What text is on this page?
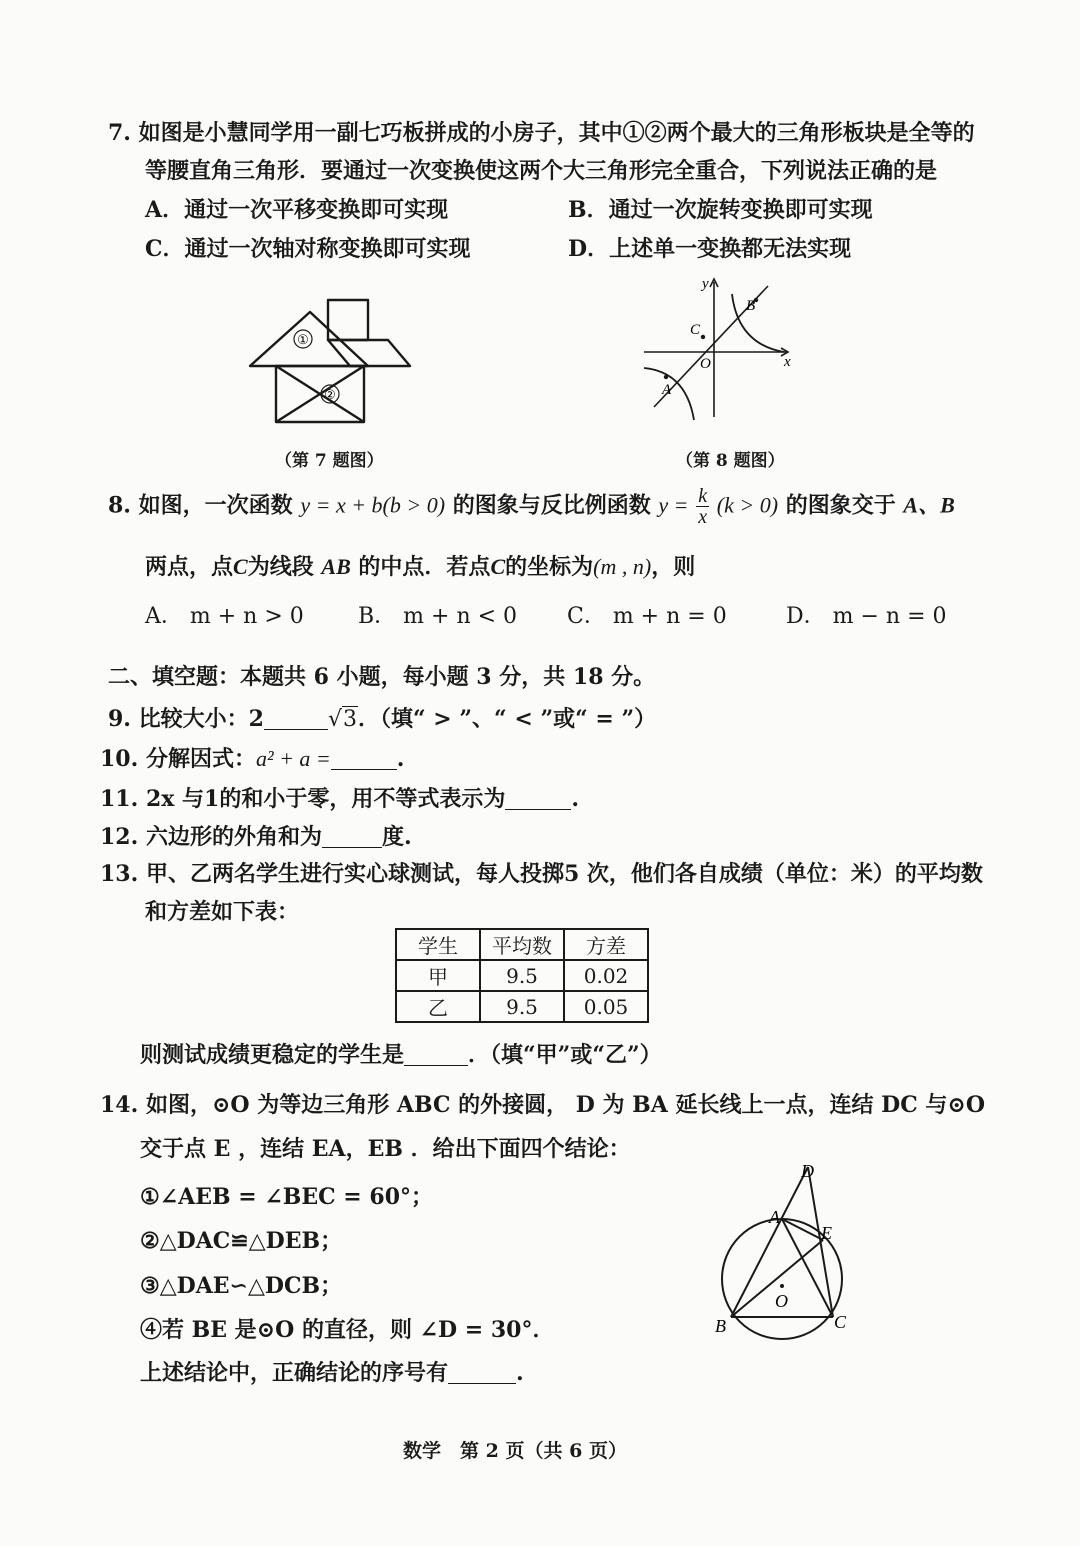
7. 如图是小慧同学用一副七巧板拼成的小房子，其中①②两个最大的三角形板块是全等的
等腰直角三角形．要通过一次变换使这两个大三角形完全重合，下列说法正确的是
A．通过一次平移变换即可实现	B．通过一次旋转变换即可实现
C．通过一次轴对称变换即可实现	D．上述单一变换都无法实现
①
②
（第 7 题图）
y
x
O
A
B
C
（第 8 题图）
8. 如图，一次函数 y = x + b(b > 0) 的图象与反比例函数 $y = \frac{k}{x} (k > 0)$ 的图象交于 A、B
两点，点C为线段 AB 的中点．若点C的坐标为(m , n)，则
A． m + n > 0 B． m + n < 0 C． m + n = 0	D． m − n = 0
二、填空题：本题共 6 小题，每小题 3 分，共 18 分。
9. 比较大小：2	√3．（填“ > ”、“ < ”或“ = ”）
10. 分解因式：a² + a =	.
11. 2x 与1的和小于零，用不等式表示为	.
12. 六边形的外角和为	度.
13. 甲、乙两名学生进行实心球测试，每人投掷5 次，他们各自成绩（单位：米）的平均数
和方差如下表：
学生	平均数	方差
甲	9.5	0.02
乙	9.5	0.05
则测试成绩更稳定的学生是	．（填“甲”或“乙”）
14. 如图，⊙O 为等边三角形 ABC 的外接圆， D 为 BA 延长线上一点，连结 DC 与⊙O
交于点 E ，连结 EA，EB ．给出下面四个结论：
①∠AEB = ∠BEC = 60°；
②△DAC≌△DEB；
③△DAE∽△DCB；
④若 BE 是⊙O 的直径，则 ∠D = 30°．
上述结论中，正确结论的序号有	.
D
A
E
O
B	C
数学　第 2 页（共 6 页）
